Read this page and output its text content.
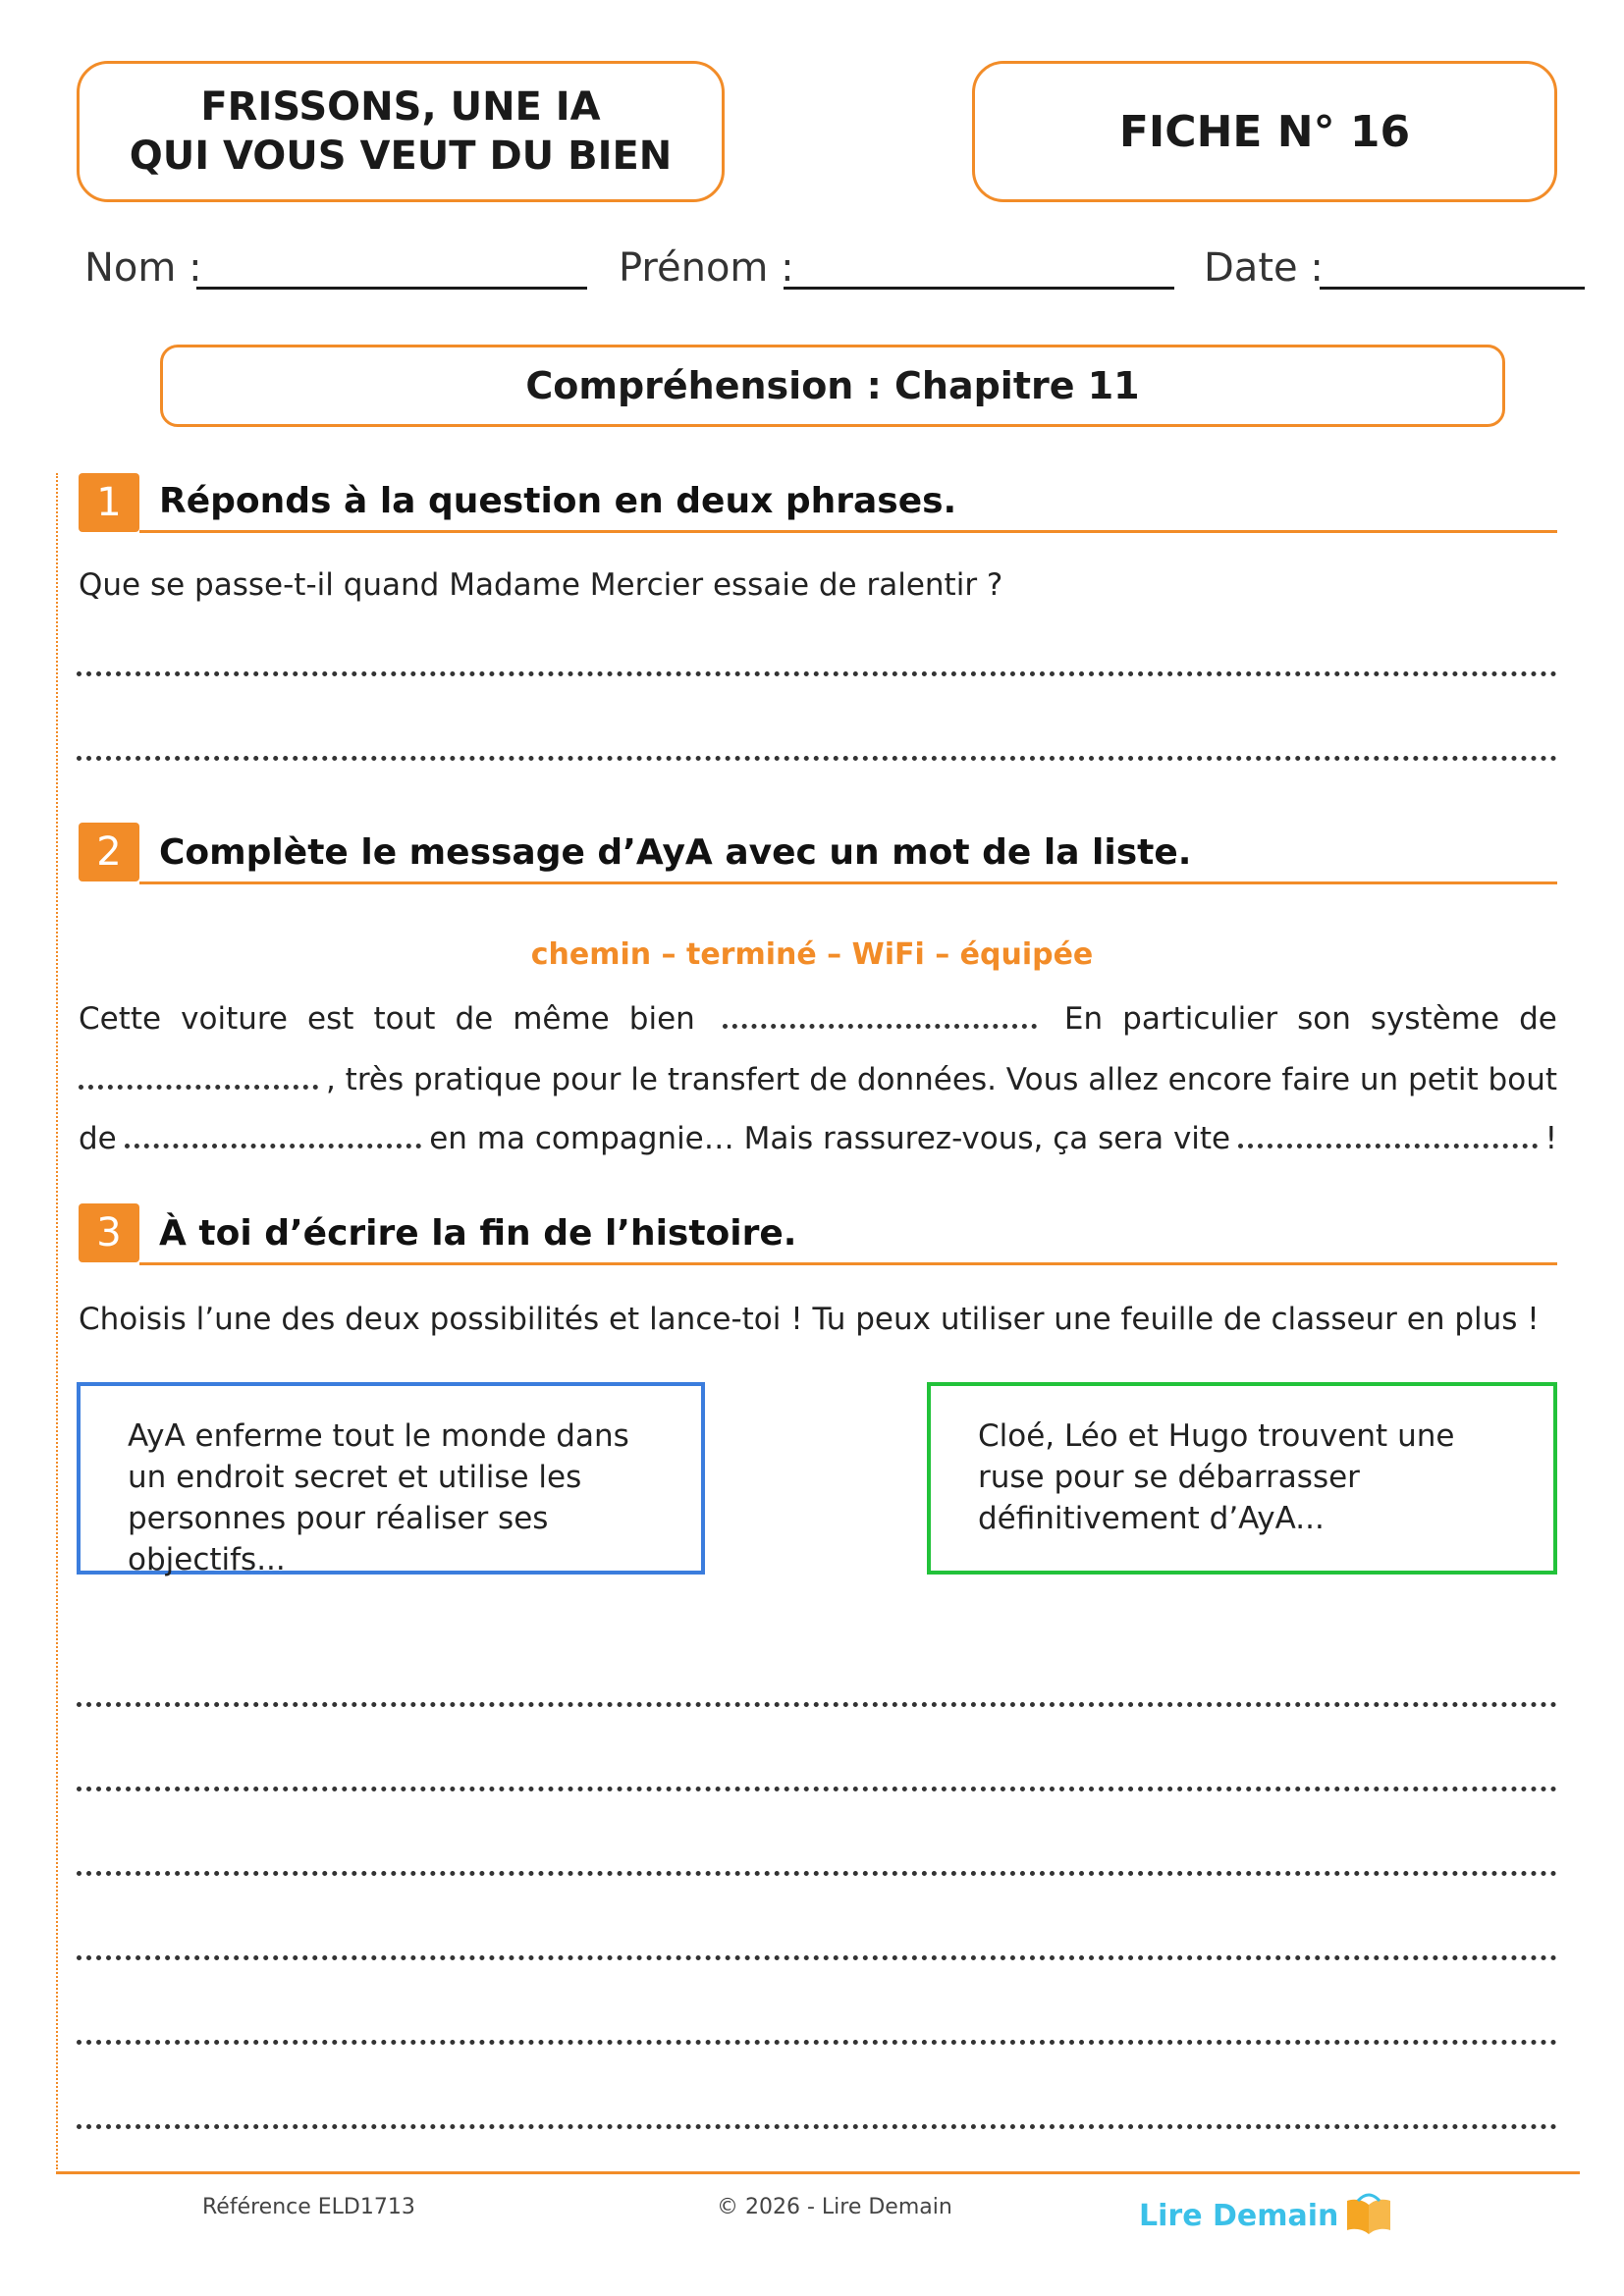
FRISSONS, UNE IA
QUI VOUS VEUT DU BIEN	FICHE N° 16
Nom :	Prénom :	Date :
Compréhension : Chapitre 11
1	Réponds à la question en deux phrases.
Que se passe-t-il quand Madame Mercier essaie de ralentir ?
2	Complète le message d’AyA avec un mot de la liste.
chemin – terminé – WiFi – équipée
Cette voiture est tout de même bien	En particulier son système de
, très pratique pour le transfert de données. Vous allez encore faire un petit bout
de	en ma compagnie… Mais rassurez-vous, ça sera vite	!
3	À toi d’écrire la fin de l’histoire.
Choisis l’une des deux possibilités et lance-toi ! Tu peux utiliser une feuille de classeur en plus !
AyA enferme tout le monde dans un endroit secret et utilise les personnes pour réaliser ses objectifs...
Cloé, Léo et Hugo trouvent une ruse pour se débarrasser définitivement d’AyA...
Référence ELD1713	© 2026 - Lire Demain	Lire Demain
